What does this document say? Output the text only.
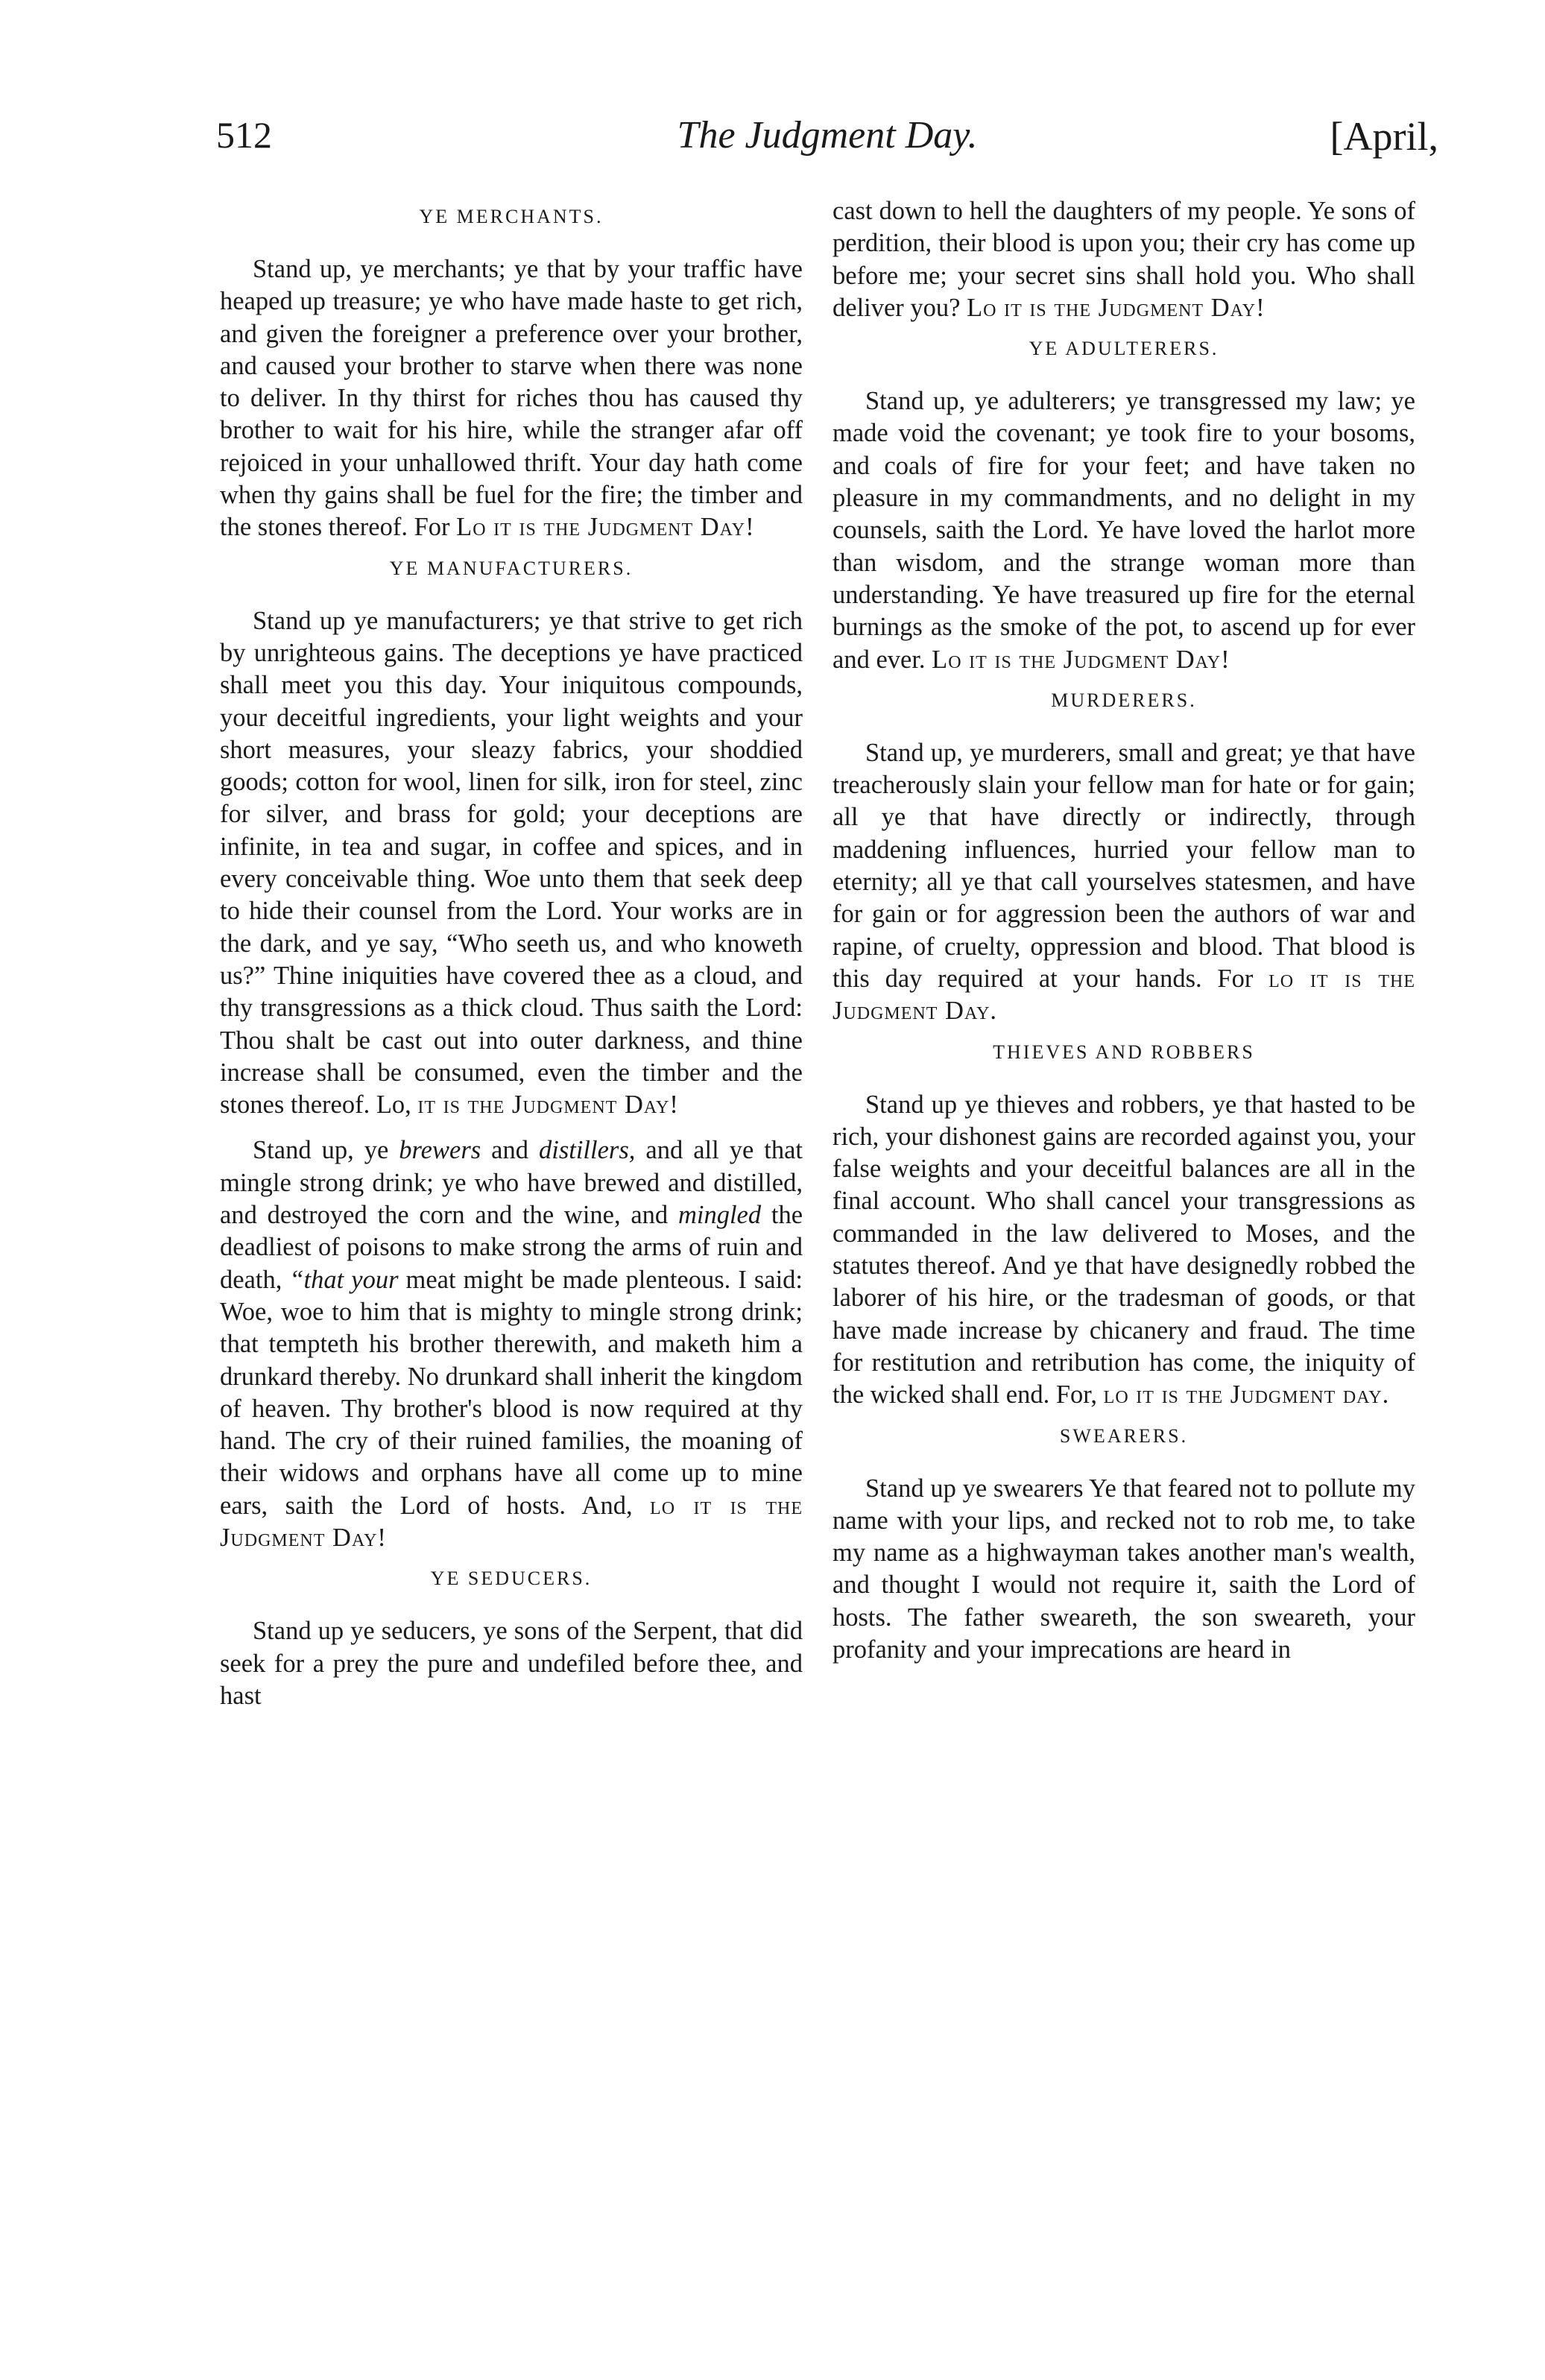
512	The Judgment Day.	[April,
YE MERCHANTS.

Stand up, ye merchants; ye that by your traffic have heaped up treasure; ye who have made haste to get rich, and given the foreigner a preference over your brother, and caused your brother to starve when there was none to deliver. In thy thirst for riches thou has caused thy brother to wait for his hire, while the stranger afar off rejoiced in your unhallowed thrift. Your day hath come when thy gains shall be fuel for the fire; the timber and the stones thereof. For Lo it is the Judgment Day!

YE MANUFACTURERS.

Stand up ye manufacturers; ye that strive to get rich by unrighteous gains. The deceptions ye have practiced shall meet you this day. Your iniquitous compounds, your deceitful ingredients, your light weights and your short measures, your sleazy fabrics, your shoddied goods; cotton for wool, linen for silk, iron for steel, zinc for silver, and brass for gold; your deceptions are infinite, in tea and sugar, in coffee and spices, and in every conceivable thing. Woe unto them that seek deep to hide their counsel from the Lord. Your works are in the dark, and ye say, “Who seeth us, and who knoweth us?” Thine iniquities have covered thee as a cloud, and thy transgressions as a thick cloud. Thus saith the Lord: Thou shalt be cast out into outer darkness, and thine increase shall be consumed, even the timber and the stones thereof. Lo, it is the Judgment Day!

Stand up, ye brewers and distillers, and all ye that mingle strong drink; ye who have brewed and distilled, and destroyed the corn and the wine, and mingled the deadliest of poisons to make strong the arms of ruin and death, “that your meat might be made plenteous. I said: Woe, woe to him that is mighty to mingle strong drink; that tempteth his brother therewith, and maketh him a drunkard thereby. No drunkard shall inherit the kingdom of heaven. Thy brother's blood is now required at thy hand. The cry of their ruined families, the moaning of their widows and orphans have all come up to mine ears, saith the Lord of hosts. And, lo it is the Judgment Day!

YE SEDUCERS.

Stand up ye seducers, ye sons of the Serpent, that did seek for a prey the pure and undefiled before thee, and hast

cast down to hell the daughters of my people. Ye sons of perdition, their blood is upon you; their cry has come up before me; your secret sins shall hold you. Who shall deliver you? Lo it is the Judgment Day!

YE ADULTERERS.

Stand up, ye adulterers; ye transgressed my law; ye made void the covenant; ye took fire to your bosoms, and coals of fire for your feet; and have taken no pleasure in my commandments, and no delight in my counsels, saith the Lord. Ye have loved the harlot more than wisdom, and the strange woman more than understanding. Ye have treasured up fire for the eternal burnings as the smoke of the pot, to ascend up for ever and ever. Lo it is the Judgment Day!

MURDERERS.

Stand up, ye murderers, small and great; ye that have treacherously slain your fellow man for hate or for gain; all ye that have directly or indirectly, through maddening influences, hurried your fellow man to eternity; all ye that call yourselves statesmen, and have for gain or for aggression been the authors of war and rapine, of cruelty, oppression and blood. That blood is this day required at your hands. For lo it is the Judgment Day.

THIEVES AND ROBBERS

Stand up ye thieves and robbers, ye that hasted to be rich, your dishonest gains are recorded against you, your false weights and your deceitful balances are all in the final account. Who shall cancel your transgressions as commanded in the law delivered to Moses, and the statutes thereof. And ye that have designedly robbed the laborer of his hire, or the tradesman of goods, or that have made increase by chicanery and fraud. The time for restitution and retribution has come, the iniquity of the wicked shall end. For, lo it is the Judgment day.

SWEARERS.

Stand up ye swearers Ye that feared not to pollute my name with your lips, and recked not to rob me, to take my name as a highwayman takes another man's wealth, and thought I would not require it, saith the Lord of hosts. The father sweareth, the son sweareth, your profanity and your imprecations are heard in
